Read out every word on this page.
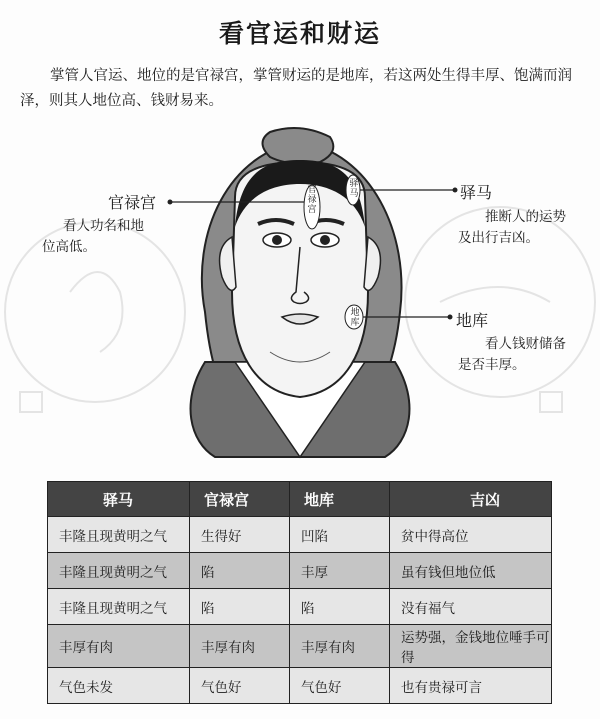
看官运和财运
掌管人官运、地位的是官禄宫，掌管财运的是地库，若这两处生得丰厚、饱满而润泽，则其人地位高、钱财易来。
官禄宫
驿马
地库
官禄宫
看人功名和地
位高低。
驿马
推断人的运势
及出行吉凶。
地库
看人钱财储备
是否丰厚。
驿马	官禄宫	地库	吉凶
丰隆且现黄明之气	生得好	凹陷	贫中得高位
丰隆且现黄明之气	陷	丰厚	虽有钱但地位低
丰隆且现黄明之气	陷	陷	没有福气
丰厚有肉	丰厚有肉	丰厚有肉	运势强，金钱地位唾手可得
气色未发	气色好	气色好	也有贵禄可言
